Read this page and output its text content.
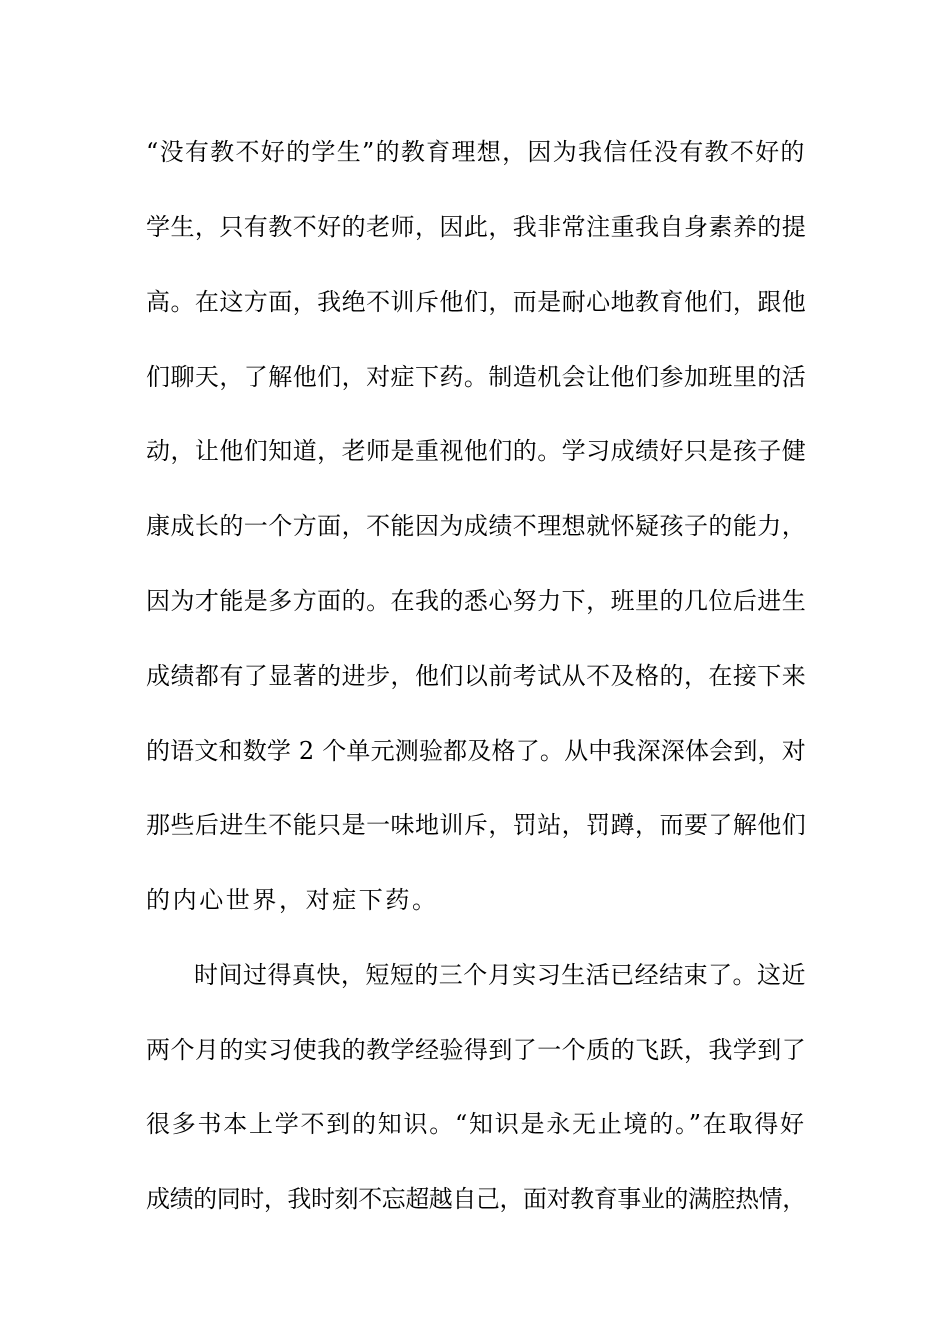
“没有教不好的学生”的教育理想，因为我信任没有教不好的
学生，只有教不好的老师，因此，我非常注重我自身素养的提
高。在这方面，我绝不训斥他们，而是耐心地教育他们，跟他
们聊天，了解他们，对症下药。制造机会让他们参加班里的活
动，让他们知道，老师是重视他们的。学习成绩好只是孩子健
康成长的一个方面，不能因为成绩不理想就怀疑孩子的能力，
因为才能是多方面的。在我的悉心努力下，班里的几位后进生
成绩都有了显著的进步，他们以前考试从不及格的，在接下来
的语文和数学 2 个单元测验都及格了。从中我深深体会到，对
那些后进生不能只是一味地训斥，罚站，罚蹲，而要了解他们
的内心世界，对症下药。
时间过得真快，短短的三个月实习生活已经结束了。这近
两个月的实习使我的教学经验得到了一个质的飞跃，我学到了
很多书本上学不到的知识。“知识是永无止境的。”在取得好
成绩的同时，我时刻不忘超越自己，面对教育事业的满腔热情，
